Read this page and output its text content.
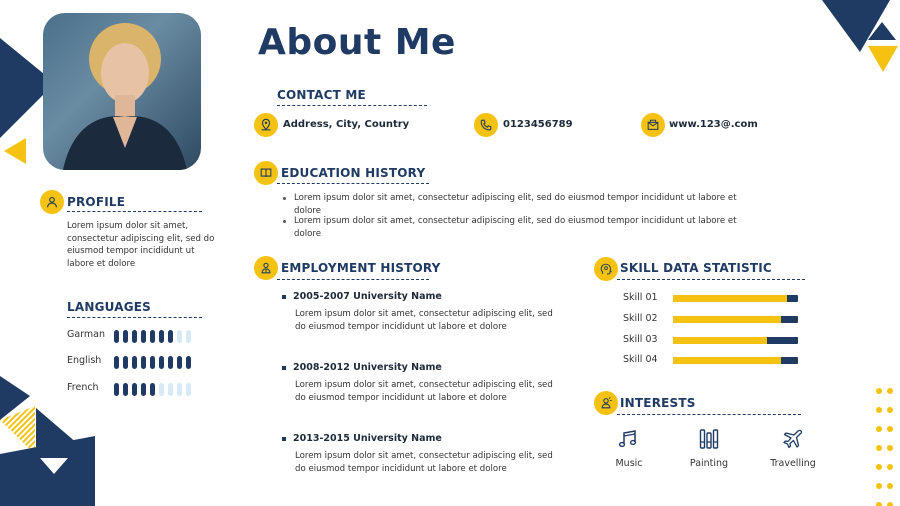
About Me
CONTACT ME
Address, City, Country	0123456789	www.123@.com
EDUCATION HISTORY
Lorem ipsum dolor sit amet, consectetur adipiscing elit, sed do eiusmod tempor incididunt ut labore et dolore
Lorem ipsum dolor sit amet, consectetur adipiscing elit, sed do eiusmod tempor incididunt ut labore et dolore
PROFILE
Lorem ipsum dolor sit amet, consectetur adipiscing elit, sed do eiusmod tempor incididunt ut labore et dolore
LANGUAGES
Garman
English
French
EMPLOYMENT HISTORY
2005-2007 University Name
Lorem ipsum dolor sit amet, consectetur adipiscing elit, sed do eiusmod tempor incididunt ut labore et dolore
2008-2012 University Name
Lorem ipsum dolor sit amet, consectetur adipiscing elit, sed do eiusmod tempor incididunt ut labore et dolore
2013-2015 University Name
Lorem ipsum dolor sit amet, consectetur adipiscing elit, sed do eiusmod tempor incididunt ut labore et dolore
SKILL DATA STATISTIC
Skill 01
Skill 02
Skill 03
Skill 04
INTERESTS
Music	Painting	Travelling
